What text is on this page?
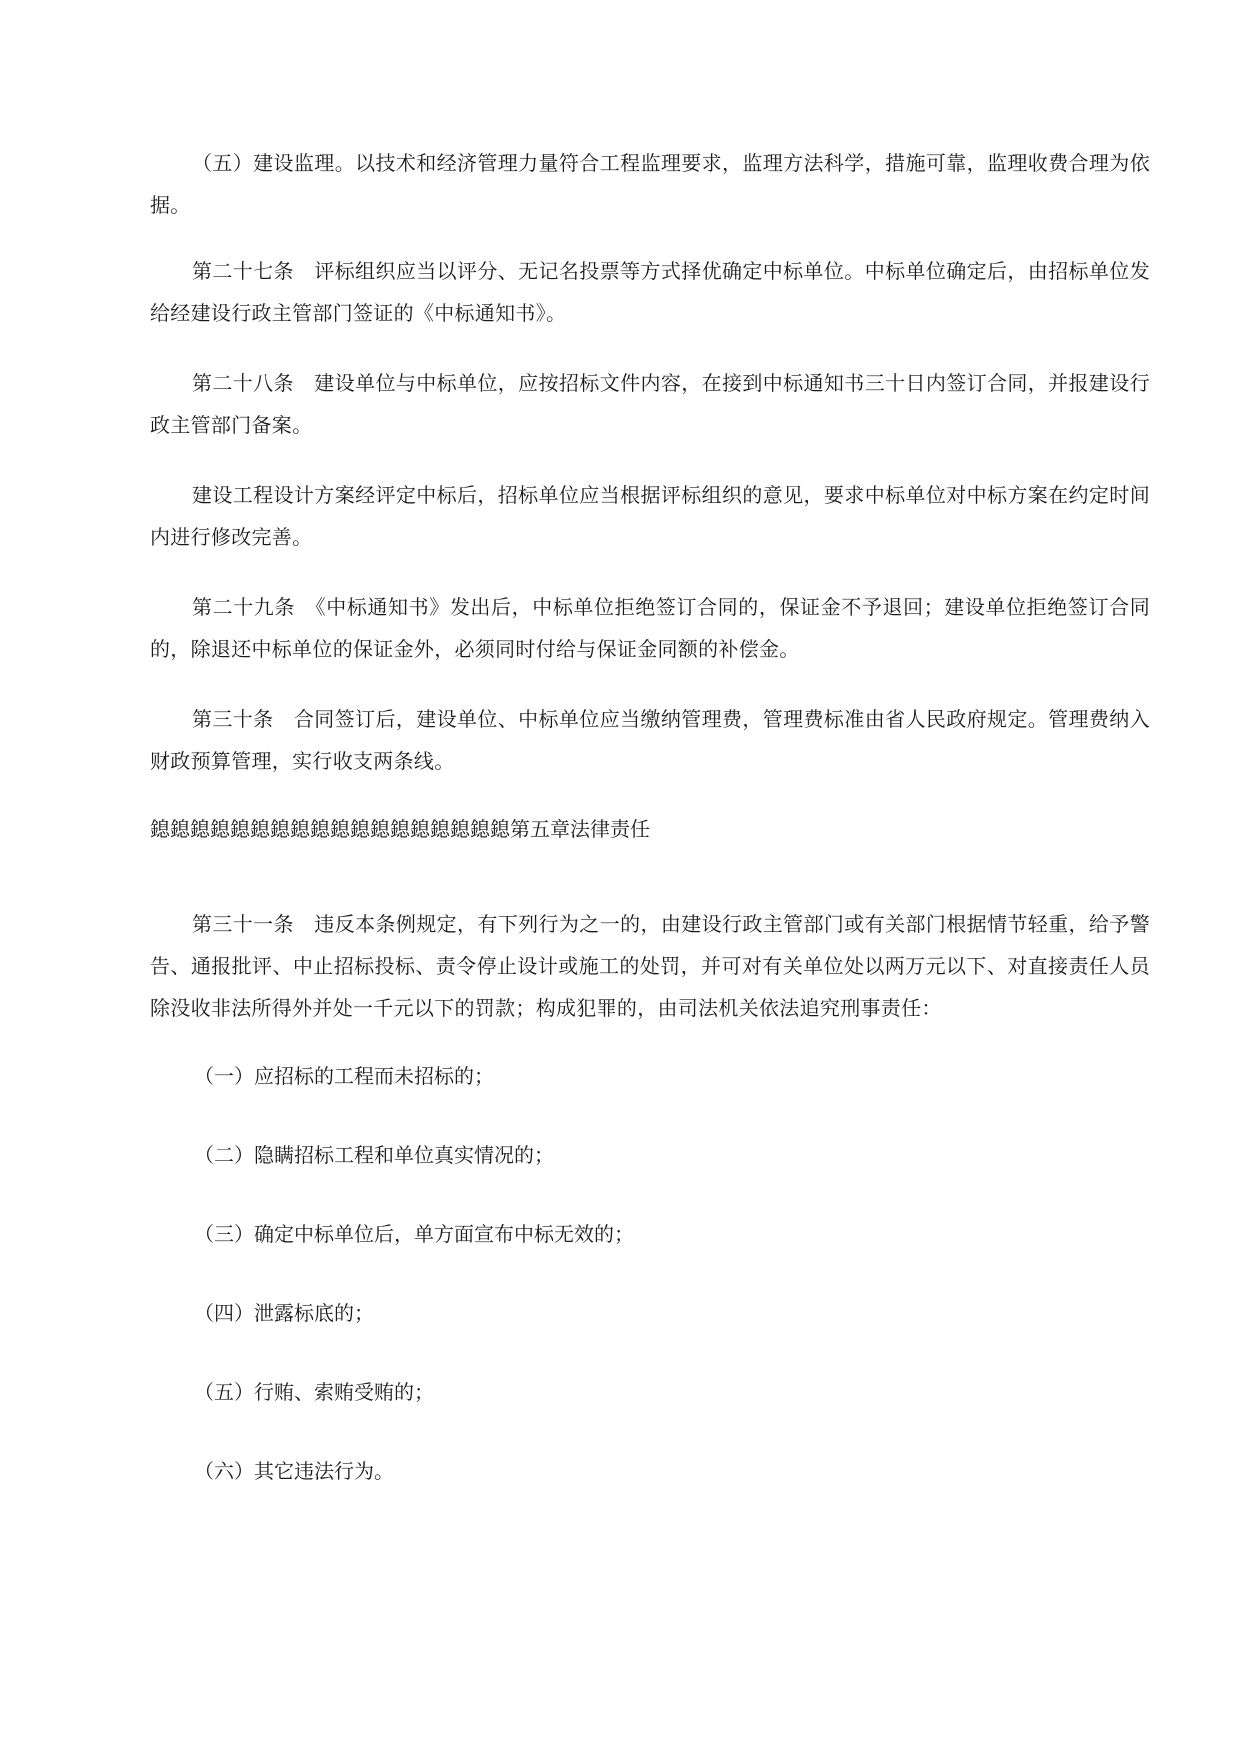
（五）建设监理。以技术和经济管理力量符合工程监理要求，监理方法科学，措施可靠，监理收费合理为依据。

第二十七条　评标组织应当以评分、无记名投票等方式择优确定中标单位。中标单位确定后，由招标单位发给经建设行政主管部门签证的《中标通知书》。

第二十八条　建设单位与中标单位，应按招标文件内容，在接到中标通知书三十日内签订合同，并报建设行政主管部门备案。

建设工程设计方案经评定中标后，招标单位应当根据评标组织的意见，要求中标单位对中标方案在约定时间内进行修改完善。

第二十九条　《中标通知书》发出后，中标单位拒绝签订合同的，保证金不予退回；建设单位拒绝签订合同的，除退还中标单位的保证金外，必须同时付给与保证金同额的补偿金。

第三十条　合同签订后，建设单位、中标单位应当缴纳管理费，管理费标准由省人民政府规定。管理费纳入财政预算管理，实行收支两条线。

鎴鎴鎴鎴鎴鎴鎴鎴鎴鎴鎴鎴鎴鎴鎴鎴鎴鎴第五章法律责任

第三十一条　违反本条例规定，有下列行为之一的，由建设行政主管部门或有关部门根据情节轻重，给予警告、通报批评、中止招标投标、责令停止设计或施工的处罚，并可对有关单位处以两万元以下、对直接责任人员除没收非法所得外并处一千元以下的罚款；构成犯罪的，由司法机关依法追究刑事责任：

（一）应招标的工程而未招标的；

（二）隐瞒招标工程和单位真实情况的；

（三）确定中标单位后，单方面宣布中标无效的；

（四）泄露标底的；

（五）行贿、索贿受贿的；

（六）其它违法行为。
